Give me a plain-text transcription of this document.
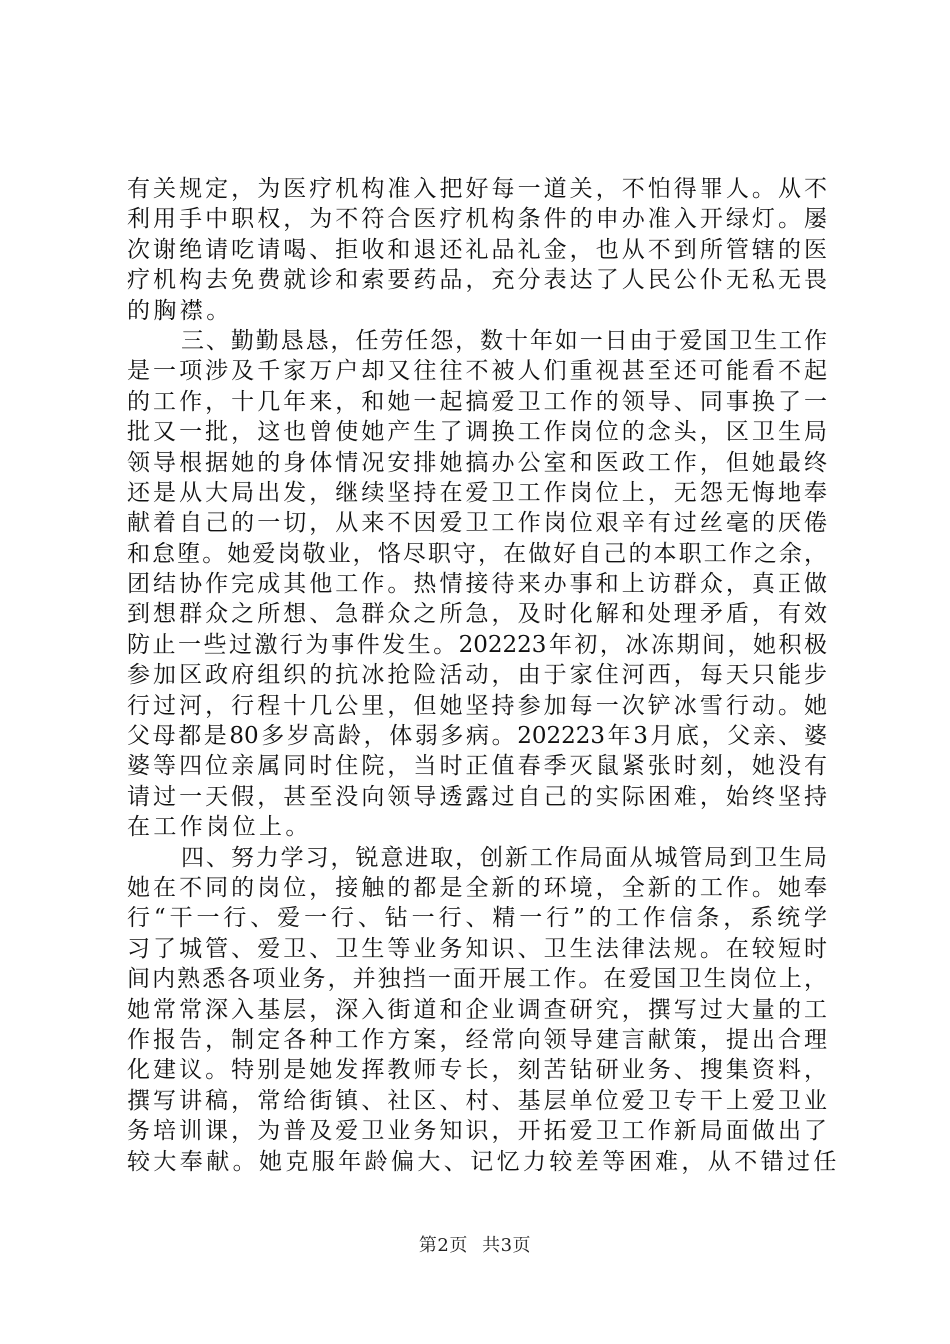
有关规定，为医疗机构准入把好每一道关，不怕得罪人。从不
利用手中职权，为不符合医疗机构条件的申办准入开绿灯。屡
次谢绝请吃请喝、拒收和退还礼品礼金，也从不到所管辖的医
疗机构去免费就诊和索要药品，充分表达了人民公仆无私无畏
的胸襟。
三、勤勤恳恳，任劳任怨，数十年如一日由于爱国卫生工作
是一项涉及千家万户却又往往不被人们重视甚至还可能看不起
的工作，十几年来，和她一起搞爱卫工作的领导、同事换了一
批又一批，这也曾使她产生了调换工作岗位的念头，区卫生局
领导根据她的身体情况安排她搞办公室和医政工作，但她最终
还是从大局出发，继续坚持在爱卫工作岗位上，无怨无悔地奉
献着自己的一切，从来不因爱卫工作岗位艰辛有过丝毫的厌倦
和怠堕。她爱岗敬业，恪尽职守，在做好自己的本职工作之余，
团结协作完成其他工作。热情接待来办事和上访群众，真正做
到想群众之所想、急群众之所急，及时化解和处理矛盾，有效
防止一些过激行为事件发生。202223年初，冰冻期间，她积极
参加区政府组织的抗冰抢险活动，由于家住河西，每天只能步
行过河，行程十几公里，但她坚持参加每一次铲冰雪行动。她
父母都是80多岁高龄，体弱多病。202223年3月底，父亲、婆
婆等四位亲属同时住院，当时正值春季灭鼠紧张时刻，她没有
请过一天假，甚至没向领导透露过自己的实际困难，始终坚持
在工作岗位上。
四、努力学习，锐意进取，创新工作局面从城管局到卫生局
她在不同的岗位，接触的都是全新的环境，全新的工作。她奉
行“干一行、爱一行、钻一行、精一行”的工作信条，系统学
习了城管、爱卫、卫生等业务知识、卫生法律法规。在较短时
间内熟悉各项业务，并独挡一面开展工作。在爱国卫生岗位上，
她常常深入基层，深入街道和企业调查研究，撰写过大量的工
作报告，制定各种工作方案，经常向领导建言献策，提出合理
化建议。特别是她发挥教师专长，刻苦钻研业务、搜集资料，
撰写讲稿，常给街镇、社区、村、基层单位爱卫专干上爱卫业
务培训课，为普及爱卫业务知识，开拓爱卫工作新局面做出了
较大奉献。她克服年龄偏大、记忆力较差等困难，从不错过任
第2页 共3页
